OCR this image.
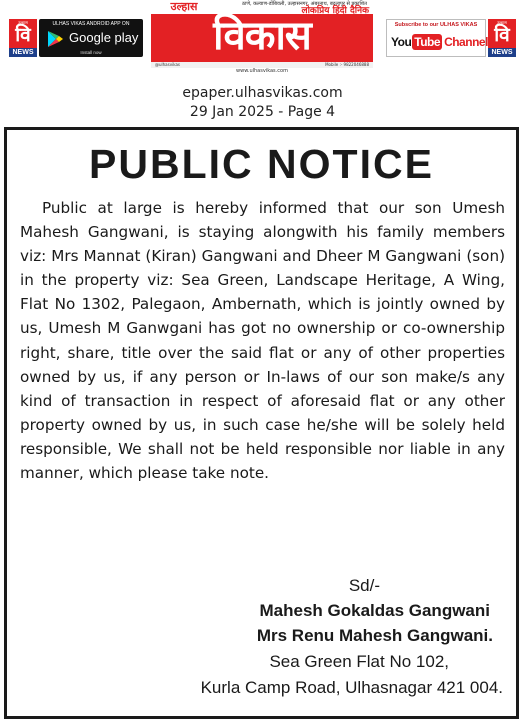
उल्हास
वि
NEWS
ULHAS VIKAS ANDROID APP ON
Google play
Install now
उल्हास	ठाणे, कल्याण-डोंबिवली, उल्हासनगर, अंबरनाथ, बदलापूर से प्रकाशित
लोकप्रिय हिंदी दैनिक
विकास
@ulhasvikas	Mobile :- 9822046888
www.ulhasvikas.com
Subscribe to our ULHAS VIKAS
You Tube Channel
उल्हास
वि
NEWS
epaper.ulhasvikas.com
29 Jan 2025 - Page 4
PUBLIC NOTICE

Public at large is hereby informed that our son Umesh Mahesh Gangwani, is staying alongwith his family members viz: Mrs Mannat (Kiran) Gangwani and Dheer M Gangwani (son) in the property viz: Sea Green, Landscape Heritage, A Wing, Flat No 1302, Palegaon, Ambernath, which is jointly owned by us, Umesh M Ganwgani has got no ownership or co-ownership right, share, title over the said flat or any of other properties owned by us, if any person or In-laws of our son make/s any kind of transaction in respect of aforesaid flat or any other property owned by us, in such case he/she will be solely held responsible, We shall not be held responsible nor liable in any manner, which please take note.

Sd/-
Mahesh Gokaldas Gangwani
Mrs Renu Mahesh Gangwani.
Sea Green Flat No 102,
Kurla Camp Road, Ulhasnagar 421 004.
